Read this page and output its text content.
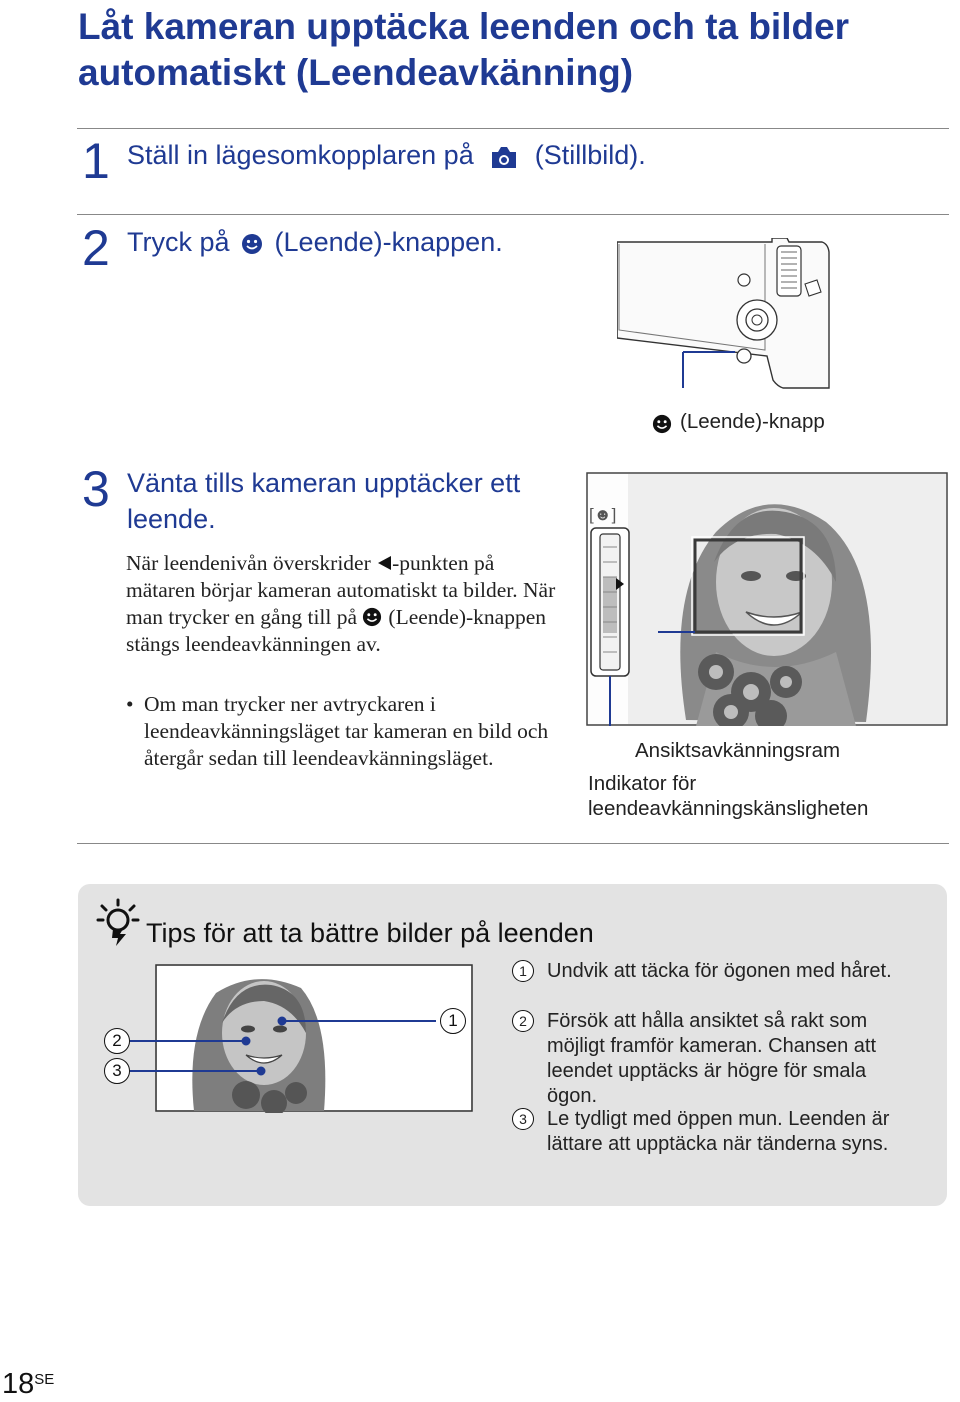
Låt kameran upptäcka leenden och ta bilder automatiskt (Leendeavkänning)
1 Ställ in lägesomkopplaren på (Stillbild).
2 Tryck på (Leende)-knappen.
(Leende)-knapp
3 Vänta tills kameran upptäcker ett leende.
När leendenivån överskrider -punkten på mätaren börjar kameran automatiskt ta bilder. När man trycker en gång till på (Leende)-knappen stängs leendeavkänningen av.
• Om man trycker ner avtryckaren i leendeavkänningsläget tar kameran en bild och återgår sedan till leendeavkänningsläget.
[☻]
Ansiktsavkänningsram
Indikator för leendeavkänningskänsligheten
Tips för att ta bättre bilder på leenden
1
2
3
1	Undvik att täcka för ögonen med håret.
2	Försök att hålla ansiktet så rakt som möjligt framför kameran. Chansen att leendet upptäcks är högre för smala ögon.
3	Le tydligt med öppen mun. Leenden är lättare att upptäcka när tänderna syns.
$18^{SE}$
